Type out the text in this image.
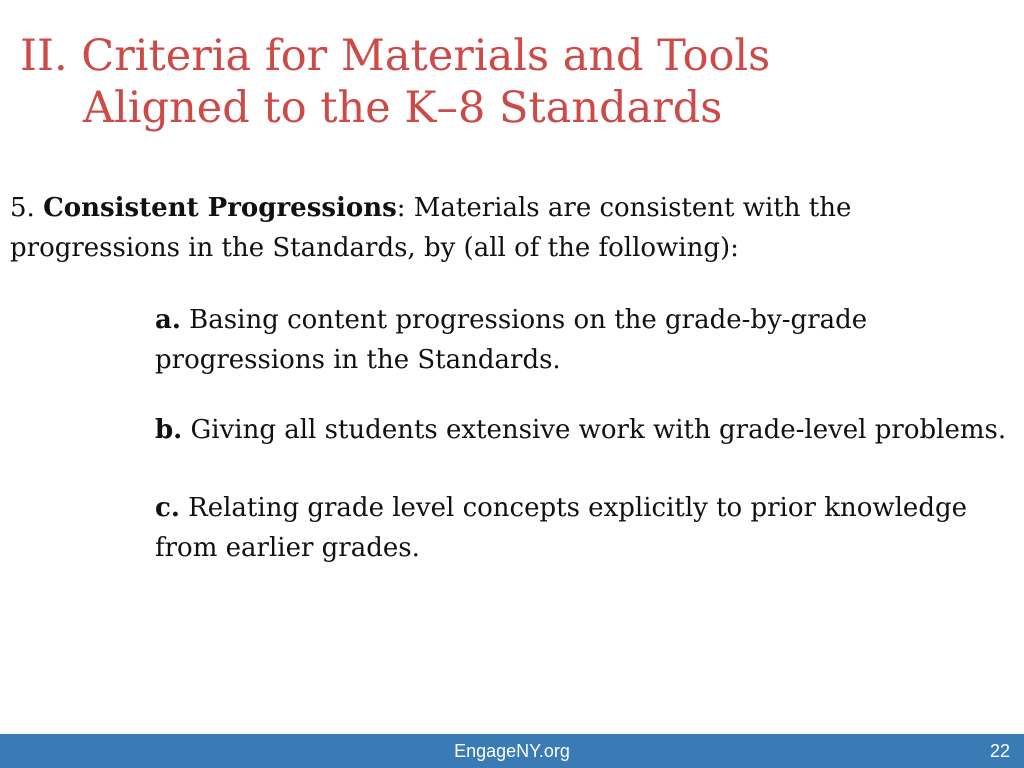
II. Criteria for Materials and Tools
Aligned to the K–8 Standards

5. Consistent Progressions: Materials are consistent with the progressions in the Standards, by (all of the following):

a. Basing content progressions on the grade-by-grade progressions in the Standards.
b. Giving all students extensive work with grade-level problems.
c. Relating grade level concepts explicitly to prior knowledge from earlier grades.
EngageNY.org	22
